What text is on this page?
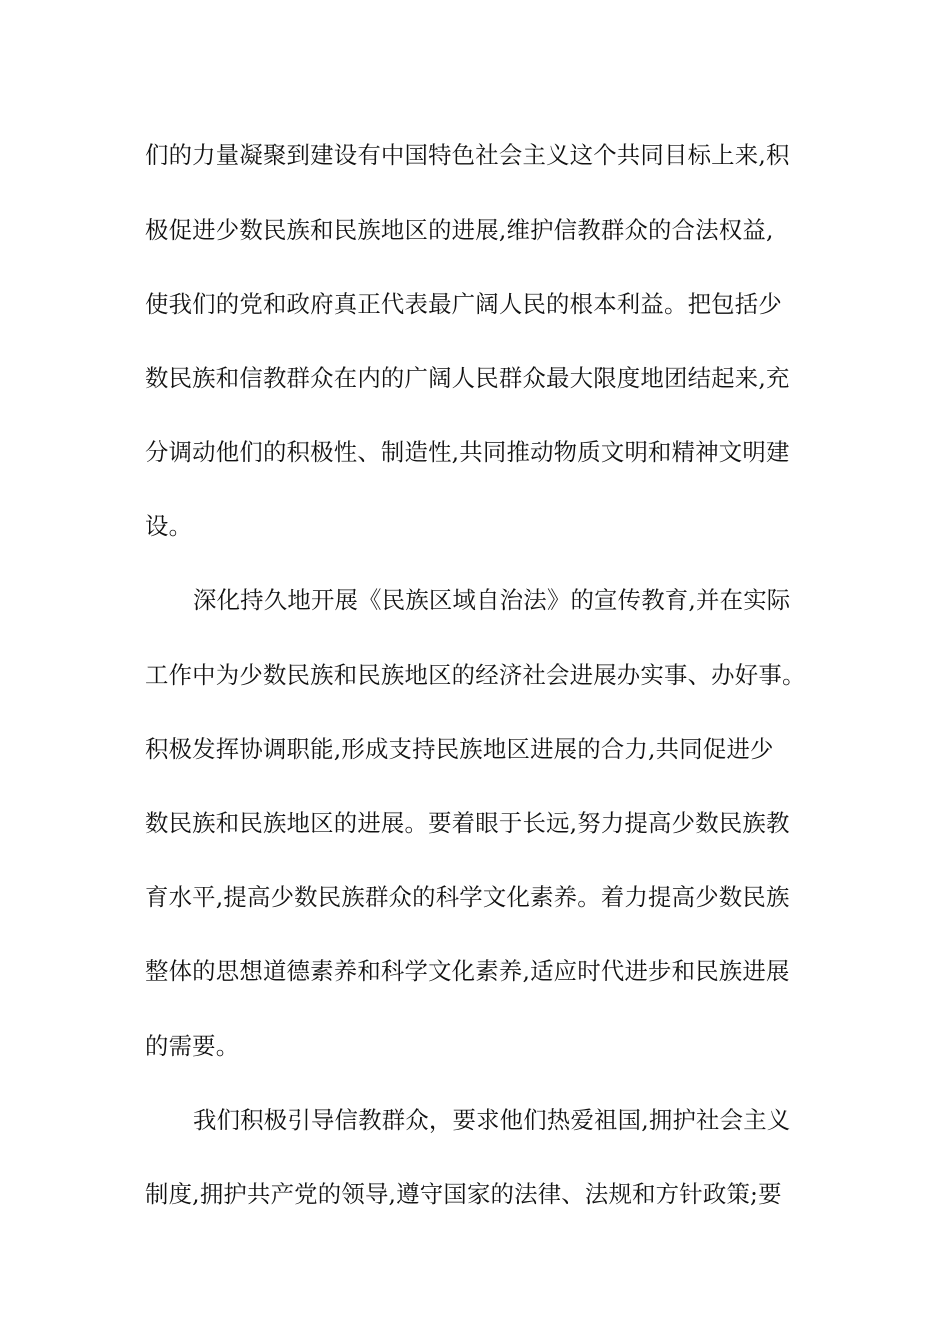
们的力量凝聚到建设有中国特色社会主义这个共同目标上来,积
极促进少数民族和民族地区的进展,维护信教群众的合法权益,
使我们的党和政府真正代表最广阔人民的根本利益。把包括少
数民族和信教群众在内的广阔人民群众最大限度地团结起来,充
分调动他们的积极性、制造性,共同推动物质文明和精神文明建
设。
深化持久地开展《民族区域自治法》的宣传教育,并在实际
工作中为少数民族和民族地区的经济社会进展办实事、办好事。
积极发挥协调职能,形成支持民族地区进展的合力,共同促进少
数民族和民族地区的进展。要着眼于长远,努力提高少数民族教
育水平,提高少数民族群众的科学文化素养。着力提高少数民族
整体的思想道德素养和科学文化素养,适应时代进步和民族进展
的需要。
我们积极引导信教群众，要求他们热爱祖国,拥护社会主义
制度,拥护共产党的领导,遵守国家的法律、法规和方针政策;要
